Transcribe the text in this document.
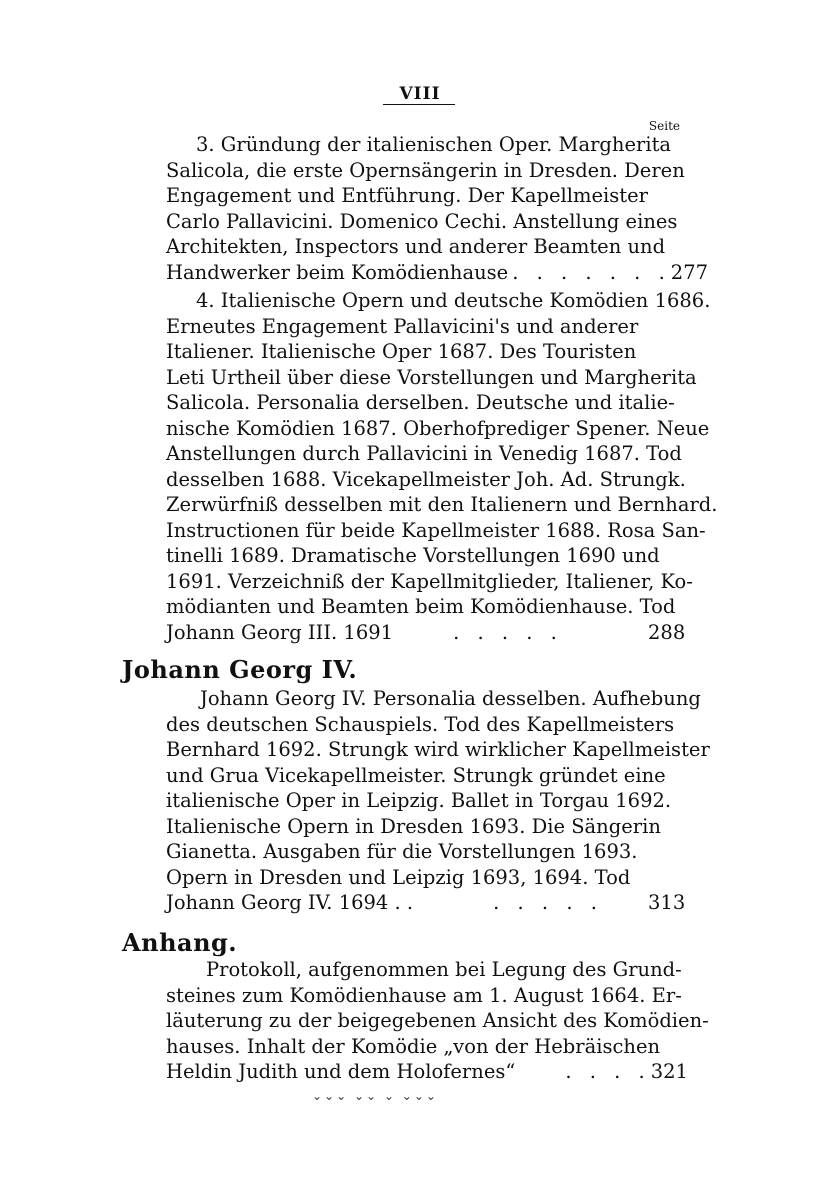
VIII
Seite
3. Gründung der italienischen Oper. Margherita
Salicola, die erste Opernsängerin in Dresden. Deren
Engagement und Entführung. Der Kapellmeister
Carlo Pallavicini. Domenico Cechi. Anstellung eines
Architekten, Inspectors und anderer Beamten und
Handwerker beim Komödienhause . . . . . . . 277
4. Italienische Opern und deutsche Komödien 1686.
Erneutes Engagement Pallavicini's und anderer
Italiener. Italienische Oper 1687. Des Touristen
Leti Urtheil über diese Vorstellungen und Margherita
Salicola. Personalia derselben. Deutsche und italie-
nische Komödien 1687. Oberhofprediger Spener. Neue
Anstellungen durch Pallavicini in Venedig 1687. Tod
desselben 1688. Vicekapellmeister Joh. Ad. Strungk.
Zerwürfniß desselben mit den Italienern und Bernhard.
Instructionen für beide Kapellmeister 1688. Rosa San-
tinelli 1689. Dramatische Vorstellungen 1690 und
1691. Verzeichniß der Kapellmitglieder, Italiener, Ko-
mödianten und Beamten beim Komödienhause. Tod
Johann Georg III. 1691	. . . . .	288
Johann Georg IV.
Johann Georg IV. Personalia desselben. Aufhebung
des deutschen Schauspiels. Tod des Kapellmeisters
Bernhard 1692. Strungk wird wirklicher Kapellmeister
und Grua Vicekapellmeister. Strungk gründet eine
italienische Oper in Leipzig. Ballet in Torgau 1692.
Italienische Opern in Dresden 1693. Die Sängerin
Gianetta. Ausgaben für die Vorstellungen 1693.
Opern in Dresden und Leipzig 1693, 1694. Tod
Johann Georg IV. 1694 . .	. . . . .	313
Anhang.
Protokoll, aufgenommen bei Legung des Grund-
steines zum Komödienhause am 1. August 1664. Er-
läuterung zu der beigegebenen Ansicht des Komödien-
hauses. Inhalt der Komödie „von der Hebräischen
Heldin Judith und dem Holofernes“	. . . . 321
⌄⌄⌄ ⌄⌄ ⌄ ⌄⌄⌄
